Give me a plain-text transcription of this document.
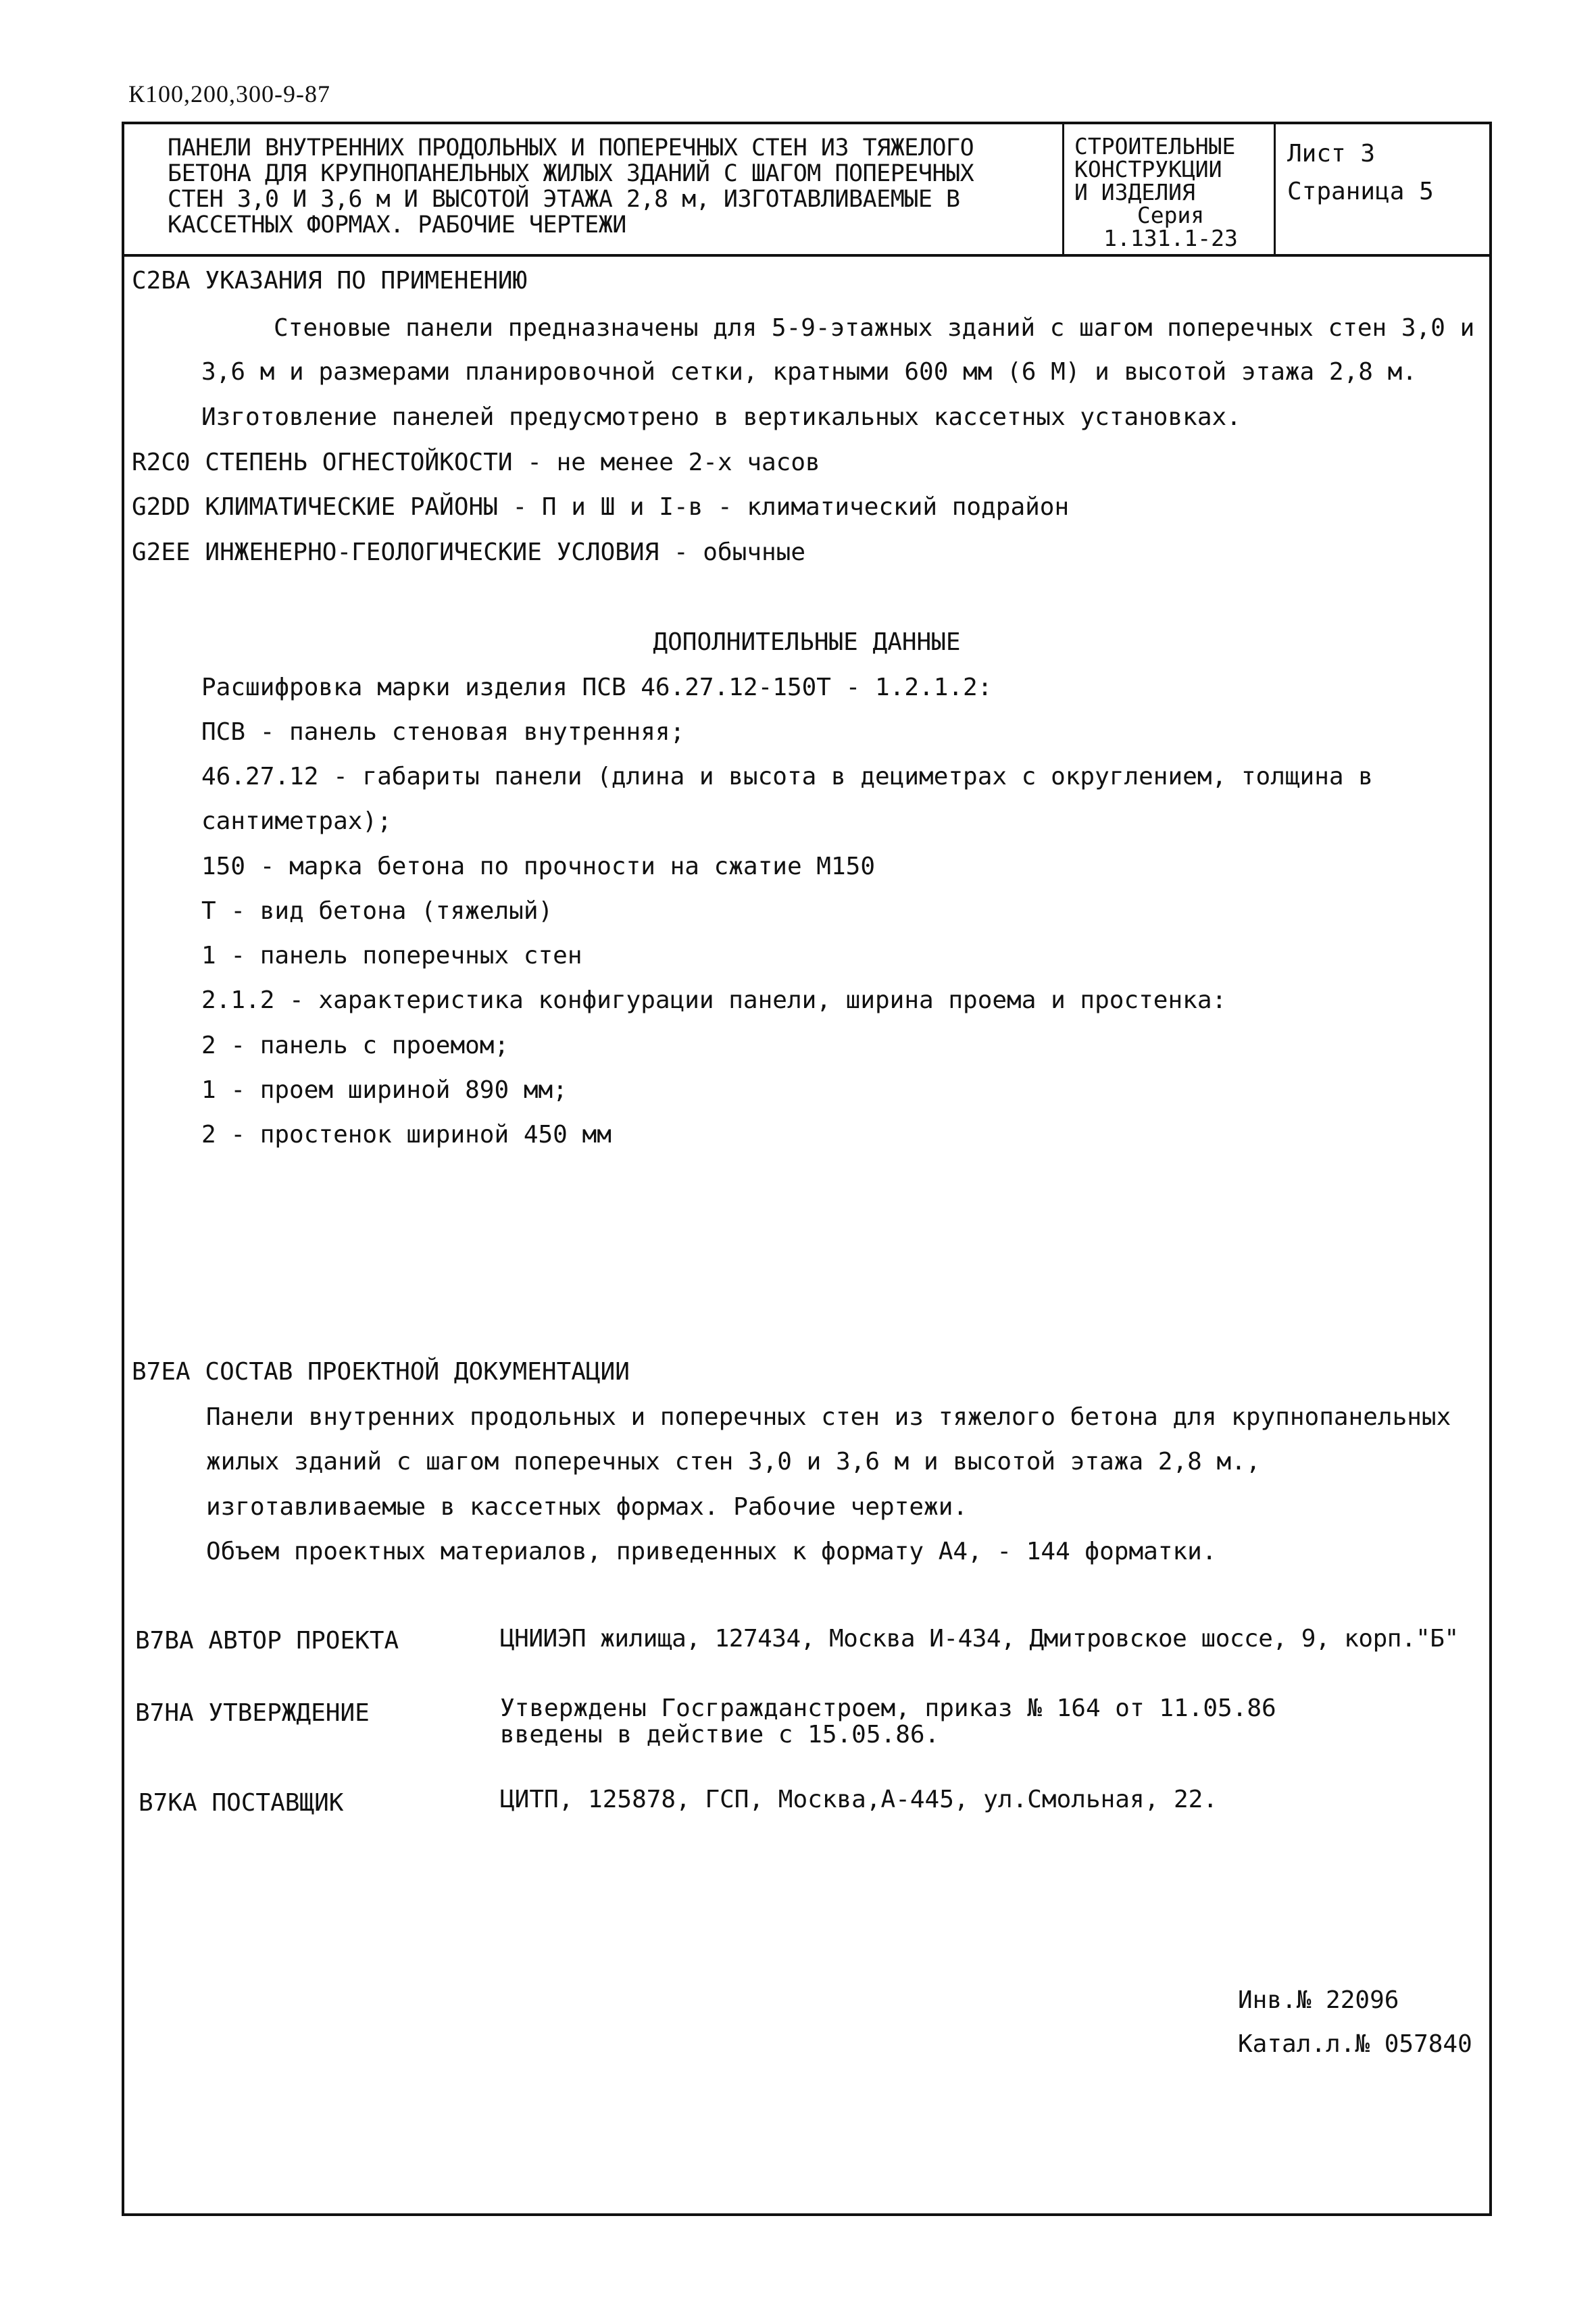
К100,200,300-9-87
ПАНЕЛИ ВНУТРЕННИХ ПРОДОЛЬНЫХ И ПОПЕРЕЧНЫХ СТЕН ИЗ ТЯЖЕЛОГО
БЕТОНА ДЛЯ КРУПНОПАНЕЛЬНЫХ ЖИЛЫХ ЗДАНИЙ С ШАГОМ ПОПЕРЕЧНЫХ
СТЕН 3,0 И 3,6 м И ВЫСОТОЙ ЭТАЖА 2,8 м, ИЗГОТАВЛИВАЕМЫЕ В
КАССЕТНЫХ ФОРМАХ. РАБОЧИЕ ЧЕРТЕЖИ
СТРОИТЕЛЬНЫЕ
КОНСТРУКЦИИ
И ИЗДЕЛИЯ
Серия
1.131.1-23
Лист 3
Страница 5
С2ВА УКАЗАНИЯ ПО ПРИМЕНЕНИЮ
Стеновые панели предназначены для 5-9-этажных зданий с шагом поперечных стен 3,0 и
3,6 м и размерами планировочной сетки, кратными 600 мм (6 М) и высотой этажа 2,8 м.
Изготовление панелей предусмотрено в вертикальных кассетных установках.
R2С0 СТЕПЕНЬ ОГНЕСТОЙКОСТИ - не менее 2-х часов
G2DD КЛИМАТИЧЕСКИЕ РАЙОНЫ - П и Ш и I-в - климатический подрайон
G2ЕЕ ИНЖЕНЕРНО-ГЕОЛОГИЧЕСКИЕ УСЛОВИЯ - обычные
ДОПОЛНИТЕЛЬНЫЕ ДАННЫЕ
Расшифровка марки изделия ПСВ 46.27.12-150Т - 1.2.1.2:
ПСВ - панель стеновая внутренняя;
46.27.12 - габариты панели (длина и высота в дециметрах с округлением, толщина в
сантиметрах);
150 - марка бетона по прочности на сжатие М150
Т - вид бетона (тяжелый)
1 - панель поперечных стен
2.1.2 - характеристика конфигурации панели, ширина проема и простенка:
2 - панель с проемом;
1 - проем шириной 890 мм;
2 - простенок шириной 450 мм
В7ЕА СОСТАВ ПРОЕКТНОЙ ДОКУМЕНТАЦИИ
Панели внутренних продольных и поперечных стен из тяжелого бетона для крупнопанельных
жилых зданий с шагом поперечных стен 3,0 и 3,6 м и высотой этажа 2,8 м.,
изготавливаемые в кассетных формах. Рабочие чертежи.
Объем проектных материалов, приведенных к формату А4, - 144 форматки.
В7ВА АВТОР ПРОЕКТА	ЦНИИЭП жилища, 127434, Москва И-434, Дмитровское шоссе, 9, корп."Б"
В7НА УТВЕРЖДЕНИЕ	Утверждены Госгражданстроем, приказ № 164 от 11.05.86
введены в действие с 15.05.86.
В7КА ПОСТАВЩИК	ЦИТП, 125878, ГСП, Москва,А-445, ул.Смольная, 22.
Инв.№ 22096
Катал.л.№ 057840
